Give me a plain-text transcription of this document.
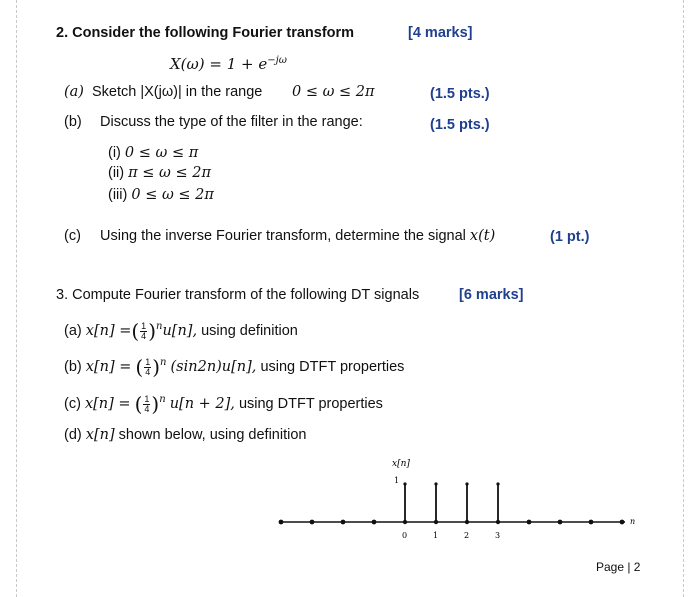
2. Consider the following Fourier transform	[4 marks]
$X(\omega) = 1 + e^{-j\omega}$
(a) Sketch |X(jω)| in the range 0 ≤ ω ≤ 2π	(1.5 pts.)
(b) Discuss the type of the filter in the range:	(1.5 pts.)
(i) 0 ≤ ω ≤ π
(ii) π ≤ ω ≤ 2π
(iii) 0 ≤ ω ≤ 2π
(c) Using the inverse Fourier transform, determine the signal x(t)	(1 pt.)
3. Compute Fourier transform of the following DT signals	[6 marks]
(a) x[n] =( $\frac{1}{4} )^nu[n]$, using definition
(b) x[n] = ( $\frac{1}{4} )^n$ (sin2n)u[n], using DTFT properties
(c) x[n] = ( $\frac{1}{4} )^n$ u[n + 2], using DTFT properties
(d) x[n] shown below, using definition
x[n]
1
n
0	1	2	3
Page | 2
